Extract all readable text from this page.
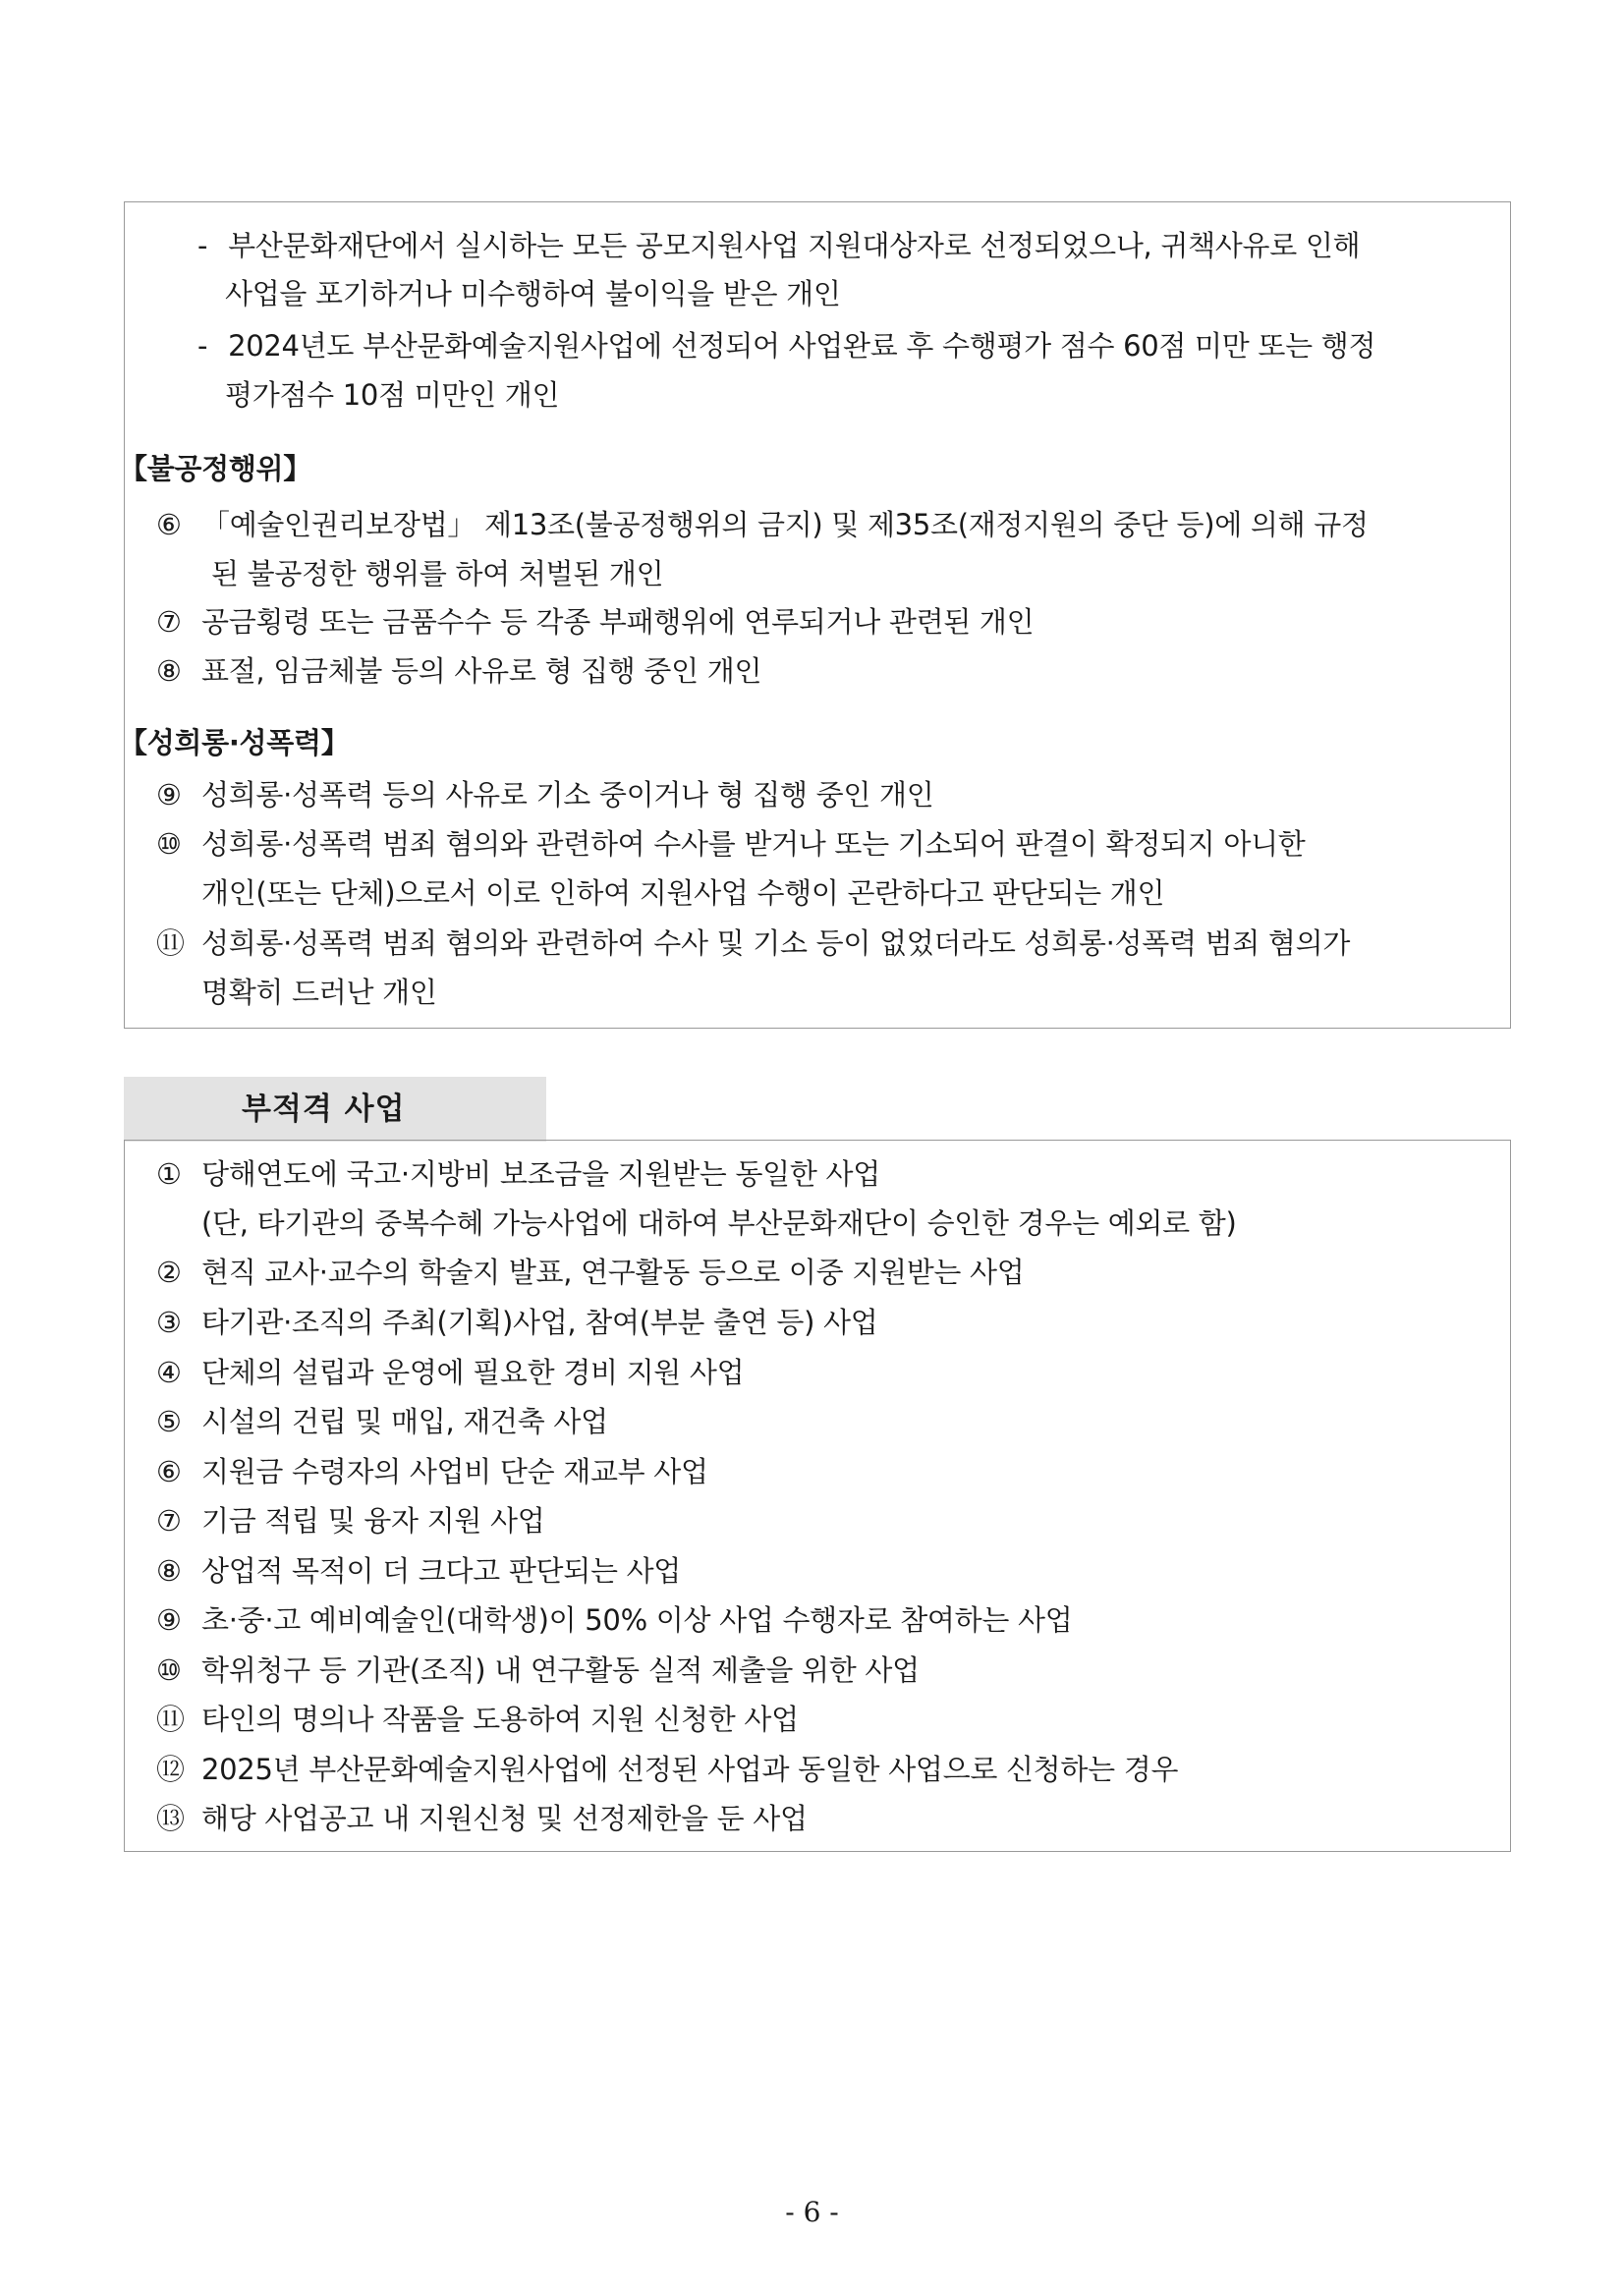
- 부산문화재단에서 실시하는 모든 공모지원사업 지원대상자로 선정되었으나, 귀책사유로 인해
사업을 포기하거나 미수행하여 불이익을 받은 개인
- 2024년도 부산문화예술지원사업에 선정되어 사업완료 후 수행평가 점수 60점 미만 또는 행정
평가점수 10점 미만인 개인
【불공정행위】
⑥ 「예술인권리보장법」 제13조(불공정행위의 금지) 및 제35조(재정지원의 중단 등)에 의해 규정
된 불공정한 행위를 하여 처벌된 개인
⑦ 공금횡령 또는 금품수수 등 각종 부패행위에 연루되거나 관련된 개인
⑧ 표절, 임금체불 등의 사유로 형 집행 중인 개인
【성희롱·성폭력】
⑨ 성희롱·성폭력 등의 사유로 기소 중이거나 형 집행 중인 개인
⑩ 성희롱·성폭력 범죄 혐의와 관련하여 수사를 받거나 또는 기소되어 판결이 확정되지 아니한
개인(또는 단체)으로서 이로 인하여 지원사업 수행이 곤란하다고 판단되는 개인
⑪ 성희롱·성폭력 범죄 혐의와 관련하여 수사 및 기소 등이 없었더라도 성희롱·성폭력 범죄 혐의가
명확히 드러난 개인
부적격 사업
① 당해연도에 국고·지방비 보조금을 지원받는 동일한 사업
(단, 타기관의 중복수혜 가능사업에 대하여 부산문화재단이 승인한 경우는 예외로 함)
② 현직 교사·교수의 학술지 발표, 연구활동 등으로 이중 지원받는 사업
③ 타기관·조직의 주최(기획)사업, 참여(부분 출연 등) 사업
④ 단체의 설립과 운영에 필요한 경비 지원 사업
⑤ 시설의 건립 및 매입, 재건축 사업
⑥ 지원금 수령자의 사업비 단순 재교부 사업
⑦ 기금 적립 및 융자 지원 사업
⑧ 상업적 목적이 더 크다고 판단되는 사업
⑨ 초·중·고 예비예술인(대학생)이 50% 이상 사업 수행자로 참여하는 사업
⑩ 학위청구 등 기관(조직) 내 연구활동 실적 제출을 위한 사업
⑪ 타인의 명의나 작품을 도용하여 지원 신청한 사업
⑫ 2025년 부산문화예술지원사업에 선정된 사업과 동일한 사업으로 신청하는 경우
⑬ 해당 사업공고 내 지원신청 및 선정제한을 둔 사업
- 6 -
